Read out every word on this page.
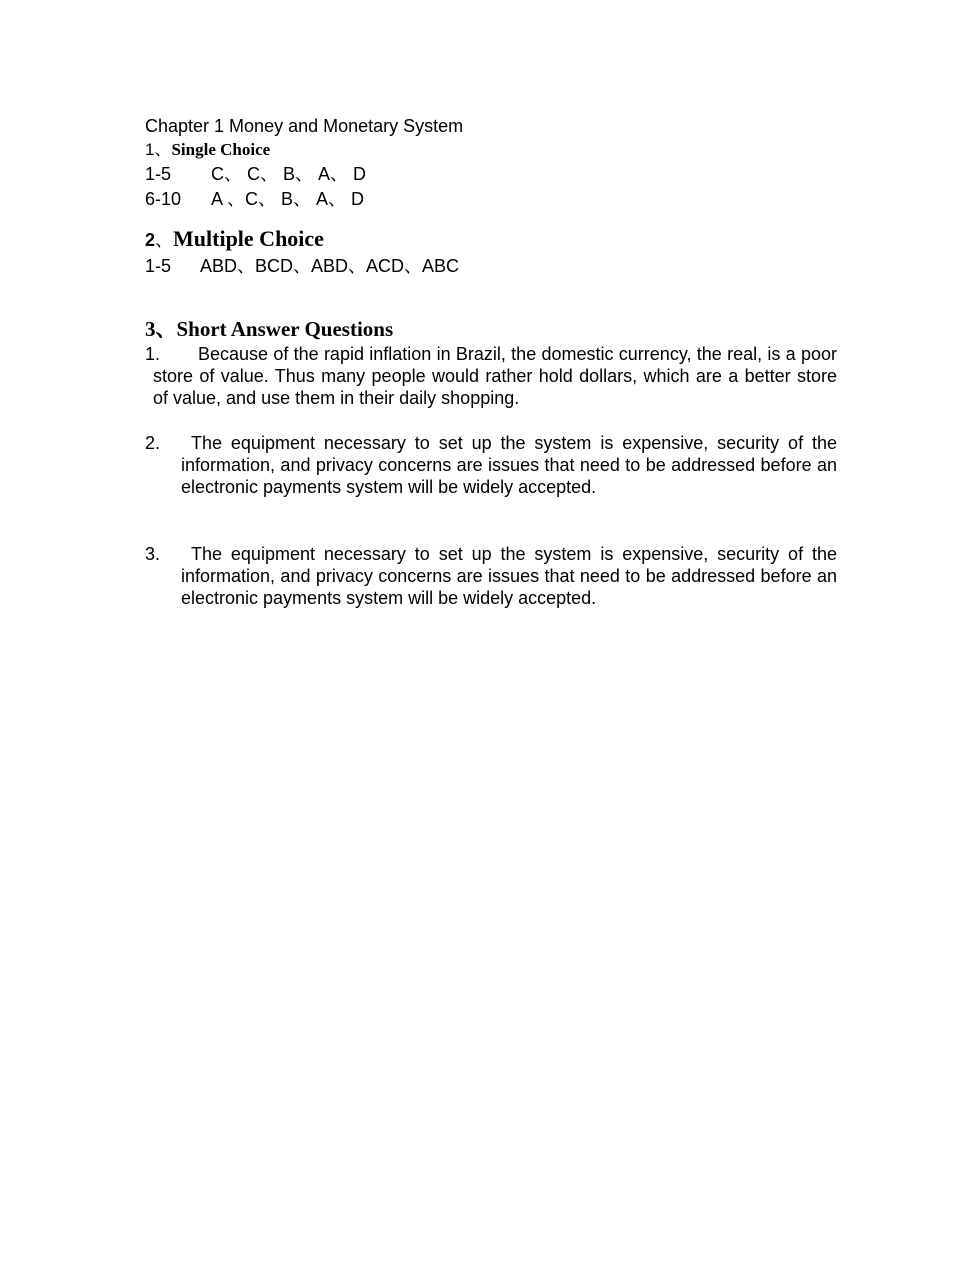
Chapter 1 Money and Monetary System
1、Single Choice
1-5	C、 C、 B、 A、 D
6-10	A 、C、 B、 A、 D
2、Multiple Choice
1-5	ABD、BCD、ABD、ACD、ABC
3、Short Answer Questions
1.	Because of the rapid inflation in Brazil, the domestic currency, the real, is a poor store of value. Thus many people would rather hold dollars, which are a better store of value, and use them in their daily shopping.
2.	The equipment necessary to set up the system is expensive, security of the information, and privacy concerns are issues that need to be addressed before an electronic payments system will be widely accepted.
3.	The equipment necessary to set up the system is expensive, security of the information, and privacy concerns are issues that need to be addressed before an electronic payments system will be widely accepted.
